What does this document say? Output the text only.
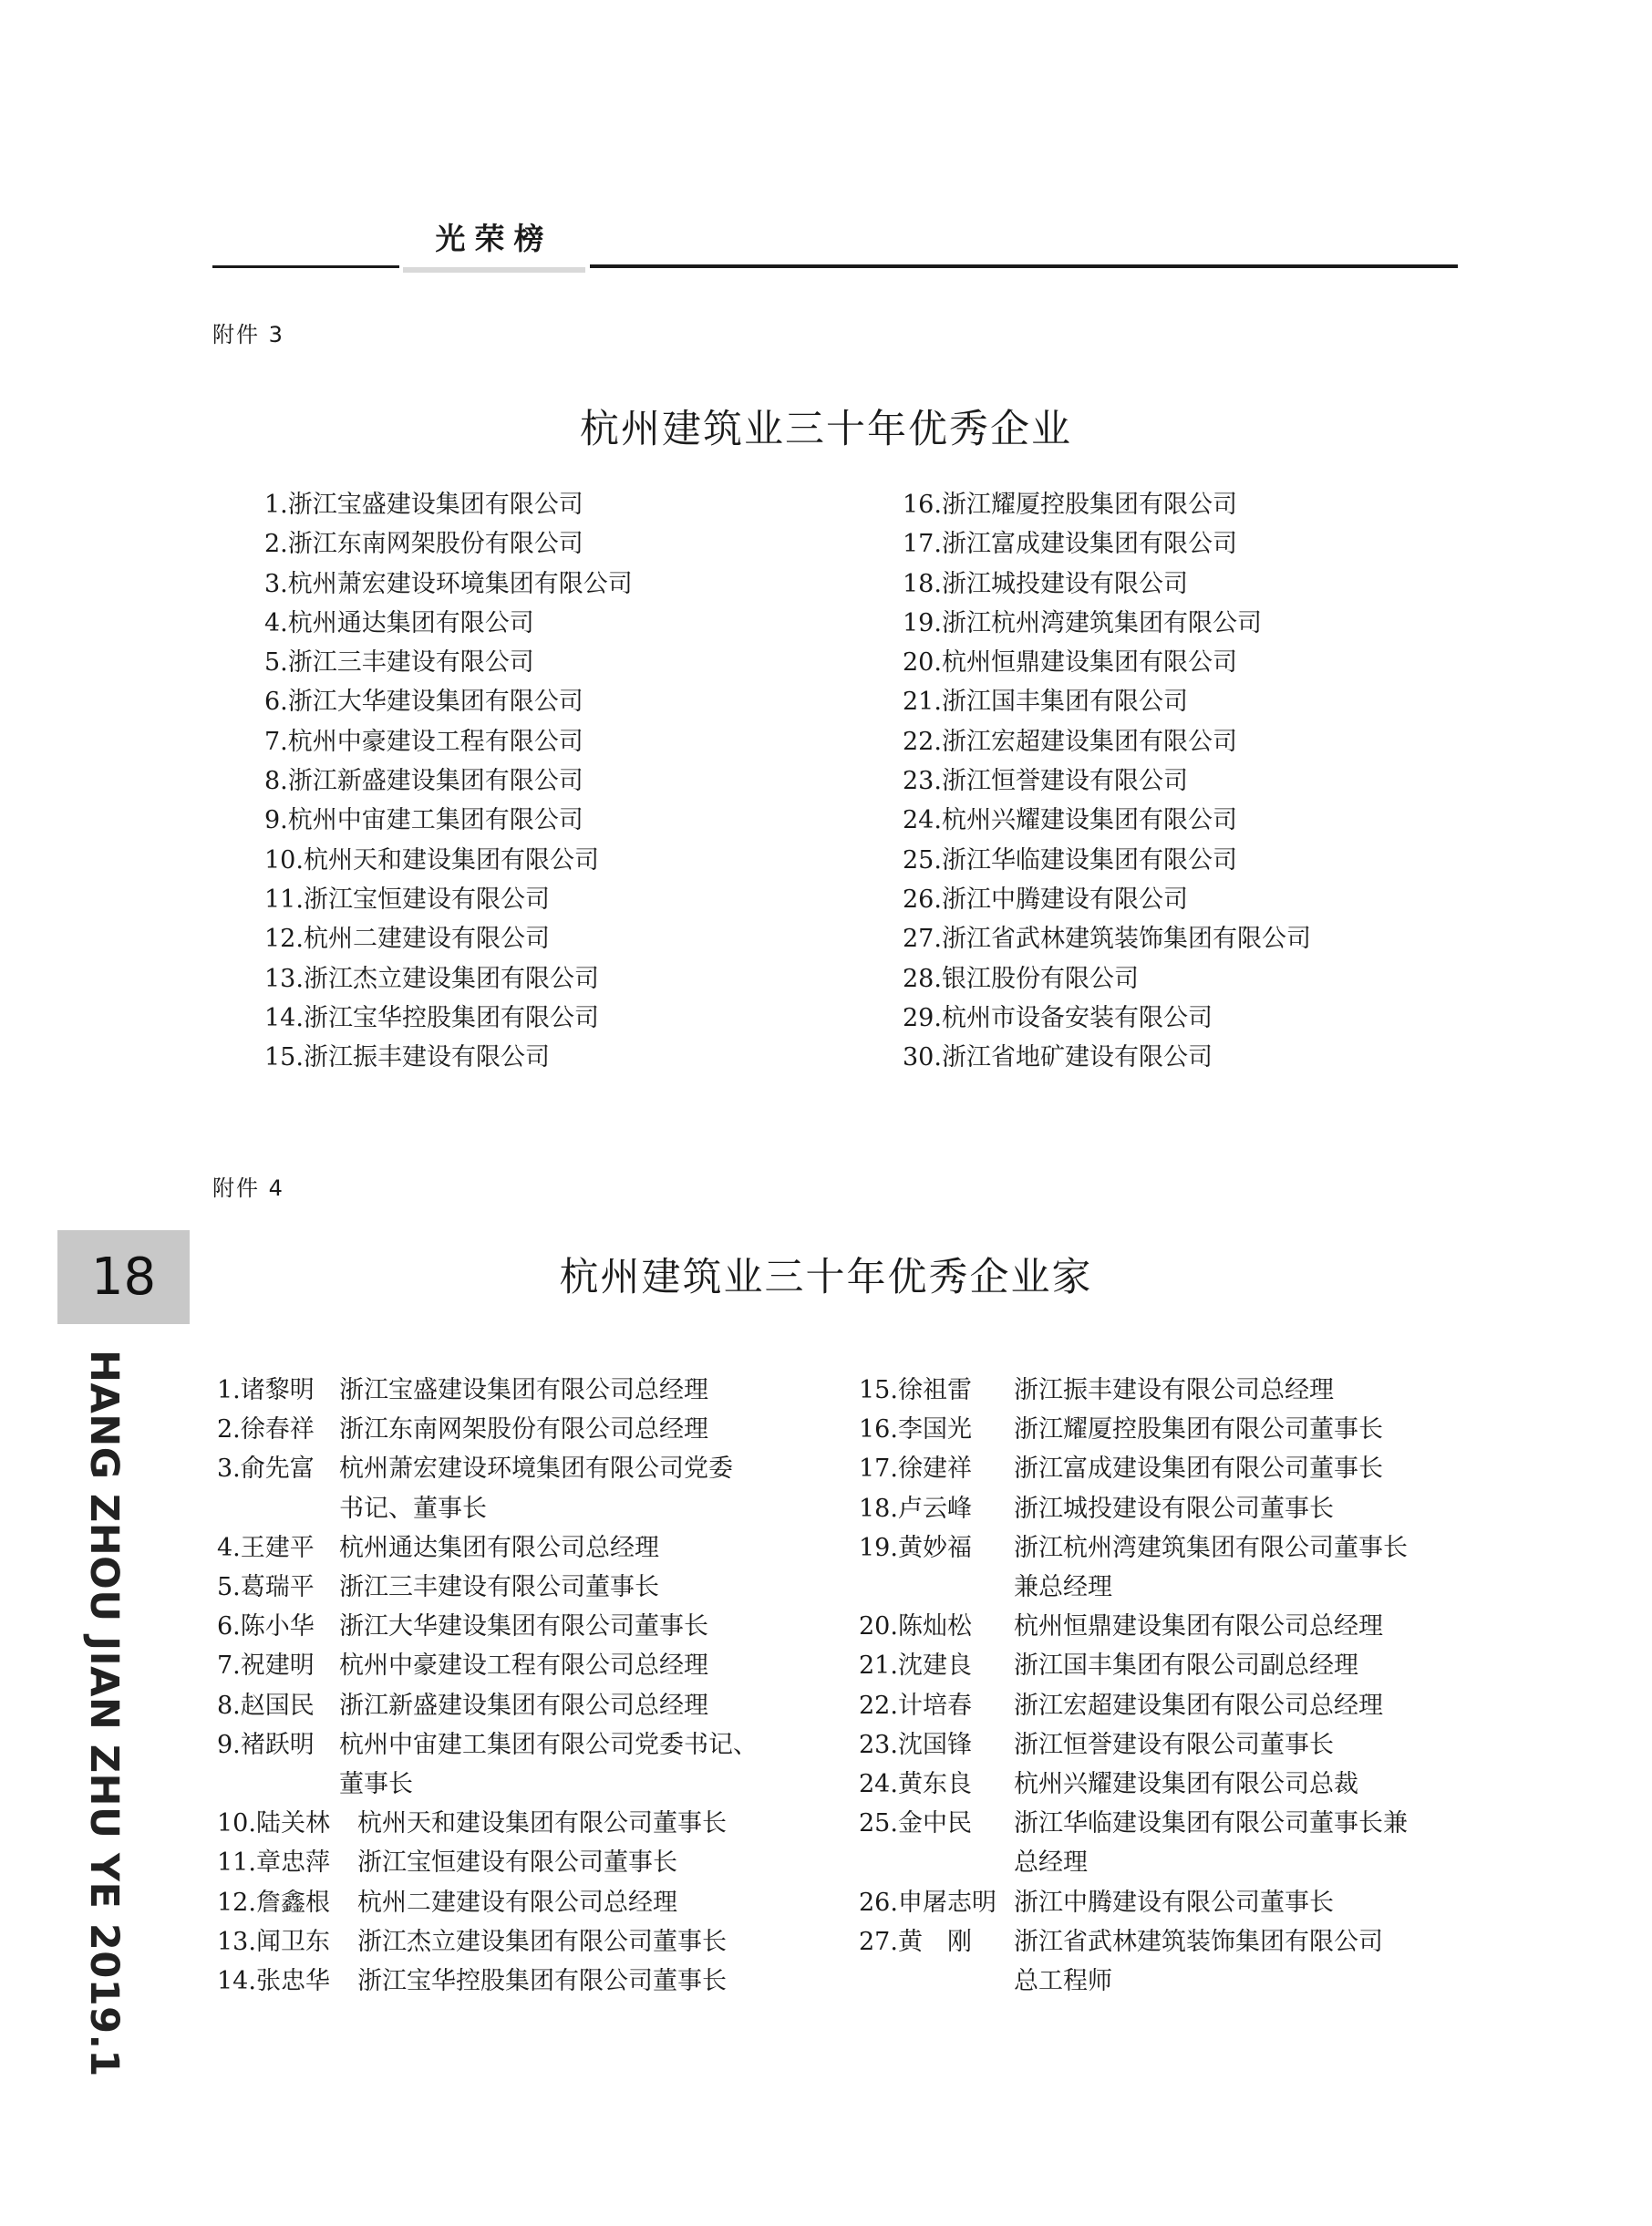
光荣榜
附件 3
杭州建筑业三十年优秀企业
1.浙江宝盛建设集团有限公司
2.浙江东南网架股份有限公司
3.杭州萧宏建设环境集团有限公司
4.杭州通达集团有限公司
5.浙江三丰建设有限公司
6.浙江大华建设集团有限公司
7.杭州中豪建设工程有限公司
8.浙江新盛建设集团有限公司
9.杭州中宙建工集团有限公司
10.杭州天和建设集团有限公司
11.浙江宝恒建设有限公司
12.杭州二建建设有限公司
13.浙江杰立建设集团有限公司
14.浙江宝华控股集团有限公司
15.浙江振丰建设有限公司
16.浙江耀厦控股集团有限公司
17.浙江富成建设集团有限公司
18.浙江城投建设有限公司
19.浙江杭州湾建筑集团有限公司
20.杭州恒鼎建设集团有限公司
21.浙江国丰集团有限公司
22.浙江宏超建设集团有限公司
23.浙江恒誉建设有限公司
24.杭州兴耀建设集团有限公司
25.浙江华临建设集团有限公司
26.浙江中腾建设有限公司
27.浙江省武林建筑装饰集团有限公司
28.银江股份有限公司
29.杭州市设备安装有限公司
30.浙江省地矿建设有限公司
附件 4
杭州建筑业三十年优秀企业家
1.诸黎明 浙江宝盛建设集团有限公司总经理
2.徐春祥 浙江东南网架股份有限公司总经理
3.俞先富 杭州萧宏建设环境集团有限公司党委
书记、董事长
4.王建平 杭州通达集团有限公司总经理
5.葛瑞平 浙江三丰建设有限公司董事长
6.陈小华 浙江大华建设集团有限公司董事长
7.祝建明 杭州中豪建设工程有限公司总经理
8.赵国民 浙江新盛建设集团有限公司总经理
9.褚跃明 杭州中宙建工集团有限公司党委书记、
董事长
10.陆关林 杭州天和建设集团有限公司董事长
11.章忠萍 浙江宝恒建设有限公司董事长
12.詹鑫根 杭州二建建设有限公司总经理
13.闻卫东 浙江杰立建设集团有限公司董事长
14.张忠华 浙江宝华控股集团有限公司董事长
15.徐祖雷 浙江振丰建设有限公司总经理
16.李国光 浙江耀厦控股集团有限公司董事长
17.徐建祥 浙江富成建设集团有限公司董事长
18.卢云峰 浙江城投建设有限公司董事长
19.黄妙福 浙江杭州湾建筑集团有限公司董事长
兼总经理
20.陈灿松 杭州恒鼎建设集团有限公司总经理
21.沈建良 浙江国丰集团有限公司副总经理
22.计培春 浙江宏超建设集团有限公司总经理
23.沈国锋 浙江恒誉建设有限公司董事长
24.黄东良 杭州兴耀建设集团有限公司总裁
25.金中民 浙江华临建设集团有限公司董事长兼
总经理
26.申屠志明 浙江中腾建设有限公司董事长
27.黄　刚 浙江省武林建筑装饰集团有限公司
总工程师
18
HANG ZHOU JIAN ZHU YE 2019.1
